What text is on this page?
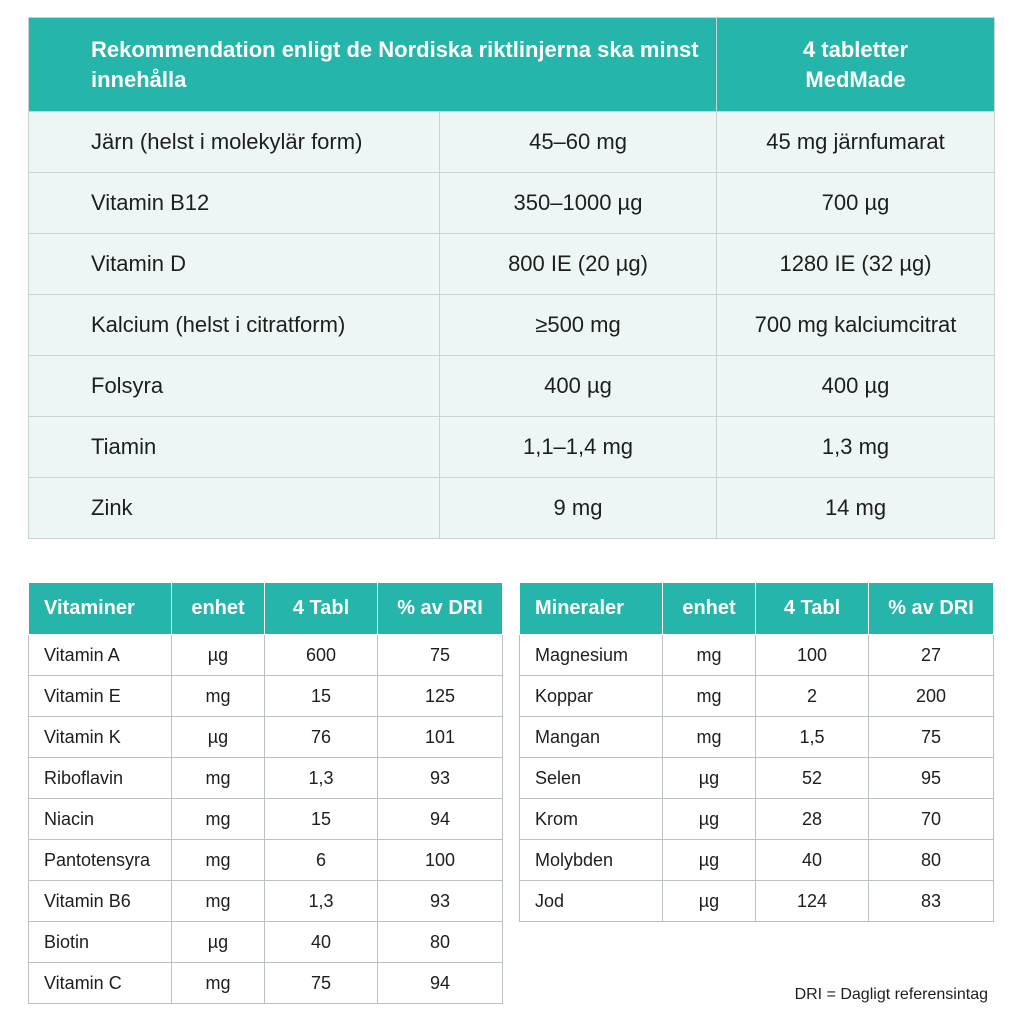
Rekommendation enligt de Nordiska riktlinjerna ska minst innehålla		4 tabletter
MedMade
Järn (helst i molekylär form)	45–60 mg	45 mg järnfumarat
Vitamin B12	350–1000 µg	700 µg
Vitamin D	800 IE (20 µg)	1280 IE (32 µg)
Kalcium (helst i citratform)	≥500 mg	700 mg kalciumcitrat
Folsyra	400 µg	400 µg
Tiamin	1,1–1,4 mg	1,3 mg
Zink	9 mg	14 mg
Vitaminer	enhet	4 Tabl	% av DRI
Vitamin A	µg	600	75
Vitamin E	mg	15	125
Vitamin K	µg	76	101
Riboflavin	mg	1,3	93
Niacin	mg	15	94
Pantotensyra	mg	6	100
Vitamin B6	mg	1,3	93
Biotin	µg	40	80
Vitamin C	mg	75	94
Mineraler	enhet	4 Tabl	% av DRI
Magnesium	mg	100	27
Koppar	mg	2	200
Mangan	mg	1,5	75
Selen	µg	52	95
Krom	µg	28	70
Molybden	µg	40	80
Jod	µg	124	83
DRI = Dagligt referensintag
